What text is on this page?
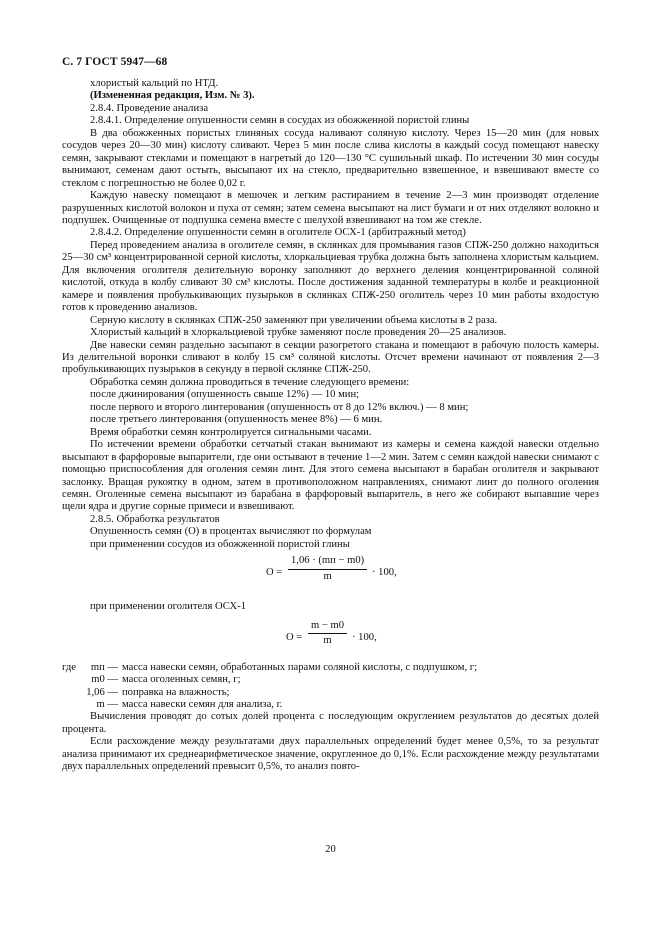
С. 7 ГОСТ 5947—68

хлористый кальций по НТД.

(Измененная редакция, Изм. № 3).

2.8.4. Проведение анализа

2.8.4.1. Определение опушенности семян в сосудах из обожженной пористой глины

В два обожженных пористых глиняных сосуда наливают соляную кислоту. Через 15—20 мин (для новых сосудов через 20—30 мин) кислоту сливают. Через 5 мин после слива кислоты в каждый сосуд помещают навеску семян, закрывают стеклами и помещают в нагретый до 120—130 °С сушильный шкаф. По истечении 30 мин сосуды вынимают, семенам дают остыть, высыпают их на стекло, предварительно взвешенное, и взвешивают вместе со стеклом с погрешностью не более 0,02 г.

Каждую навеску помещают в мешочек и легким растиранием в течение 2—3 мин производят отделение разрушенных кислотой волокон и пуха от семян; затем семена высыпают на лист бумаги и от них отделяют волокно и подпушек. Очищенные от подпушка семена вместе с шелухой взвешивают на том же стекле.

2.8.4.2. Определение опушенности семян в оголителе ОСХ-1 (арбитражный метод)

Перед проведением анализа в оголителе семян, в склянках для промывания газов СПЖ-250 должно находиться 25—30 см³ концентрированной серной кислоты, хлоркальциевая трубка должна быть заполнена хлористым кальцием. Для включения оголителя делительную воронку заполняют до верхнего деления концентрированной соляной кислотой, откуда в колбу сливают 30 см³ кислоты. После достижения заданной температуры в колбе и реакционной камере и появления пробулькивающих пузырьков в склянках СПЖ-250 оголитель через 10 мин работы входостую готов к проведению анализов.

Серную кислоту в склянках СПЖ-250 заменяют при увеличении объема кислоты в 2 раза.

Хлористый кальций в хлоркальциевой трубке заменяют после проведения 20—25 анализов.

Две навески семян раздельно засыпают в секции разогретого стакана и помещают в рабочую полость камеры. Из делительной воронки сливают в колбу 15 см³ соляной кислоты. Отсчет времени начинают от появления 2—3 пробулькивающих пузырьков в секунду в первой склянке СПЖ-250.

Обработка семян должна проводиться в течение следующего времени:

после джинирования (опушенность свыше 12%) — 10 мин;

после первого и второго линтерования (опушенность от 8 до 12% включ.) — 8 мин;

после третьего линтерования (опушенность менее 8%) — 6 мин.

Время обработки семян контролируется сигнальными часами.

По истечении времени обработки сетчатый стакан вынимают из камеры и семена каждой навески отдельно высыпают в фарфоровые выпарители, где они остывают в течение 1—2 мин. Затем с семян каждой навески снимают с помощью приспособления для оголения семян линт. Для этого семена высыпают в барабан оголителя и закрывают заслонку. Вращая рукоятку в одном, затем в противоположном направлениях, снимают линт до полного оголения семян. Оголенные семена высыпают из барабана в фарфоровый выпаритель, в него же собирают выпавшие через щели ядра и другие сорные примеси и взвешивают.

2.8.5. Обработка результатов

Опушенность семян (О) в процентах вычисляют по формулам

при применении сосудов из обожженной пористой глины

О =
1,06 · (mп − m0)
m	· 100,

при применении оголителя ОСХ-1

$О = \frac{m - m0}{m} \cdot 100$,
где	mп — масса навески семян, обработанных парами соляной кислоты, с подпушком, г;
m0 — масса оголенных семян, г;
1,06 — поправка на влажность;
m — масса навески семян для анализа, г.

Вычисления проводят до сотых долей процента с последующим округлением результатов до десятых долей процента.

Если расхождение между результатами двух параллельных определений будет менее 0,5%, то за результат анализа принимают их среднеарифметическое значение, округленное до 0,1%. Если расхождение между результатами двух параллельных определений превысит 0,5%, то анализ повто-

20
